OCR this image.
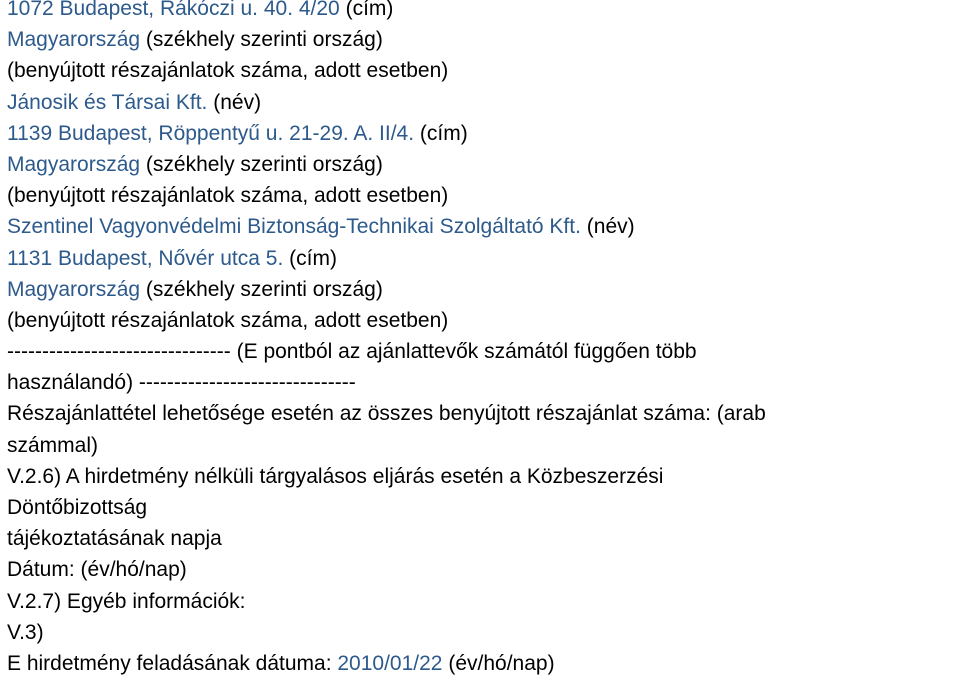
1072 Budapest, Rákóczi u. 40. 4/20 (cím)
Magyarország (székhely szerinti ország)
(benyújtott részajánlatok száma, adott esetben)
Jánosik és Társai Kft. (név)
1139 Budapest, Röppentyű u. 21-29. A. II/4. (cím)
Magyarország (székhely szerinti ország)
(benyújtott részajánlatok száma, adott esetben)
Szentinel Vagyonvédelmi Biztonság-Technikai Szolgáltató Kft. (név)
1131 Budapest, Nővér utca 5. (cím)
Magyarország (székhely szerinti ország)
(benyújtott részajánlatok száma, adott esetben)
-------------------------------- (E pontból az ajánlattevők számától függően több
használandó) -------------------------------
Részajánlattétel lehetősége esetén az összes benyújtott részajánlat száma: (arab
számmal)
V.2.6) A hirdetmény nélküli tárgyalásos eljárás esetén a Közbeszerzési
Döntőbizottság
tájékoztatásának napja
Dátum: (év/hó/nap)
V.2.7) Egyéb információk:
V.3)
E hirdetmény feladásának dátuma: 2010/01/22 (év/hó/nap)
